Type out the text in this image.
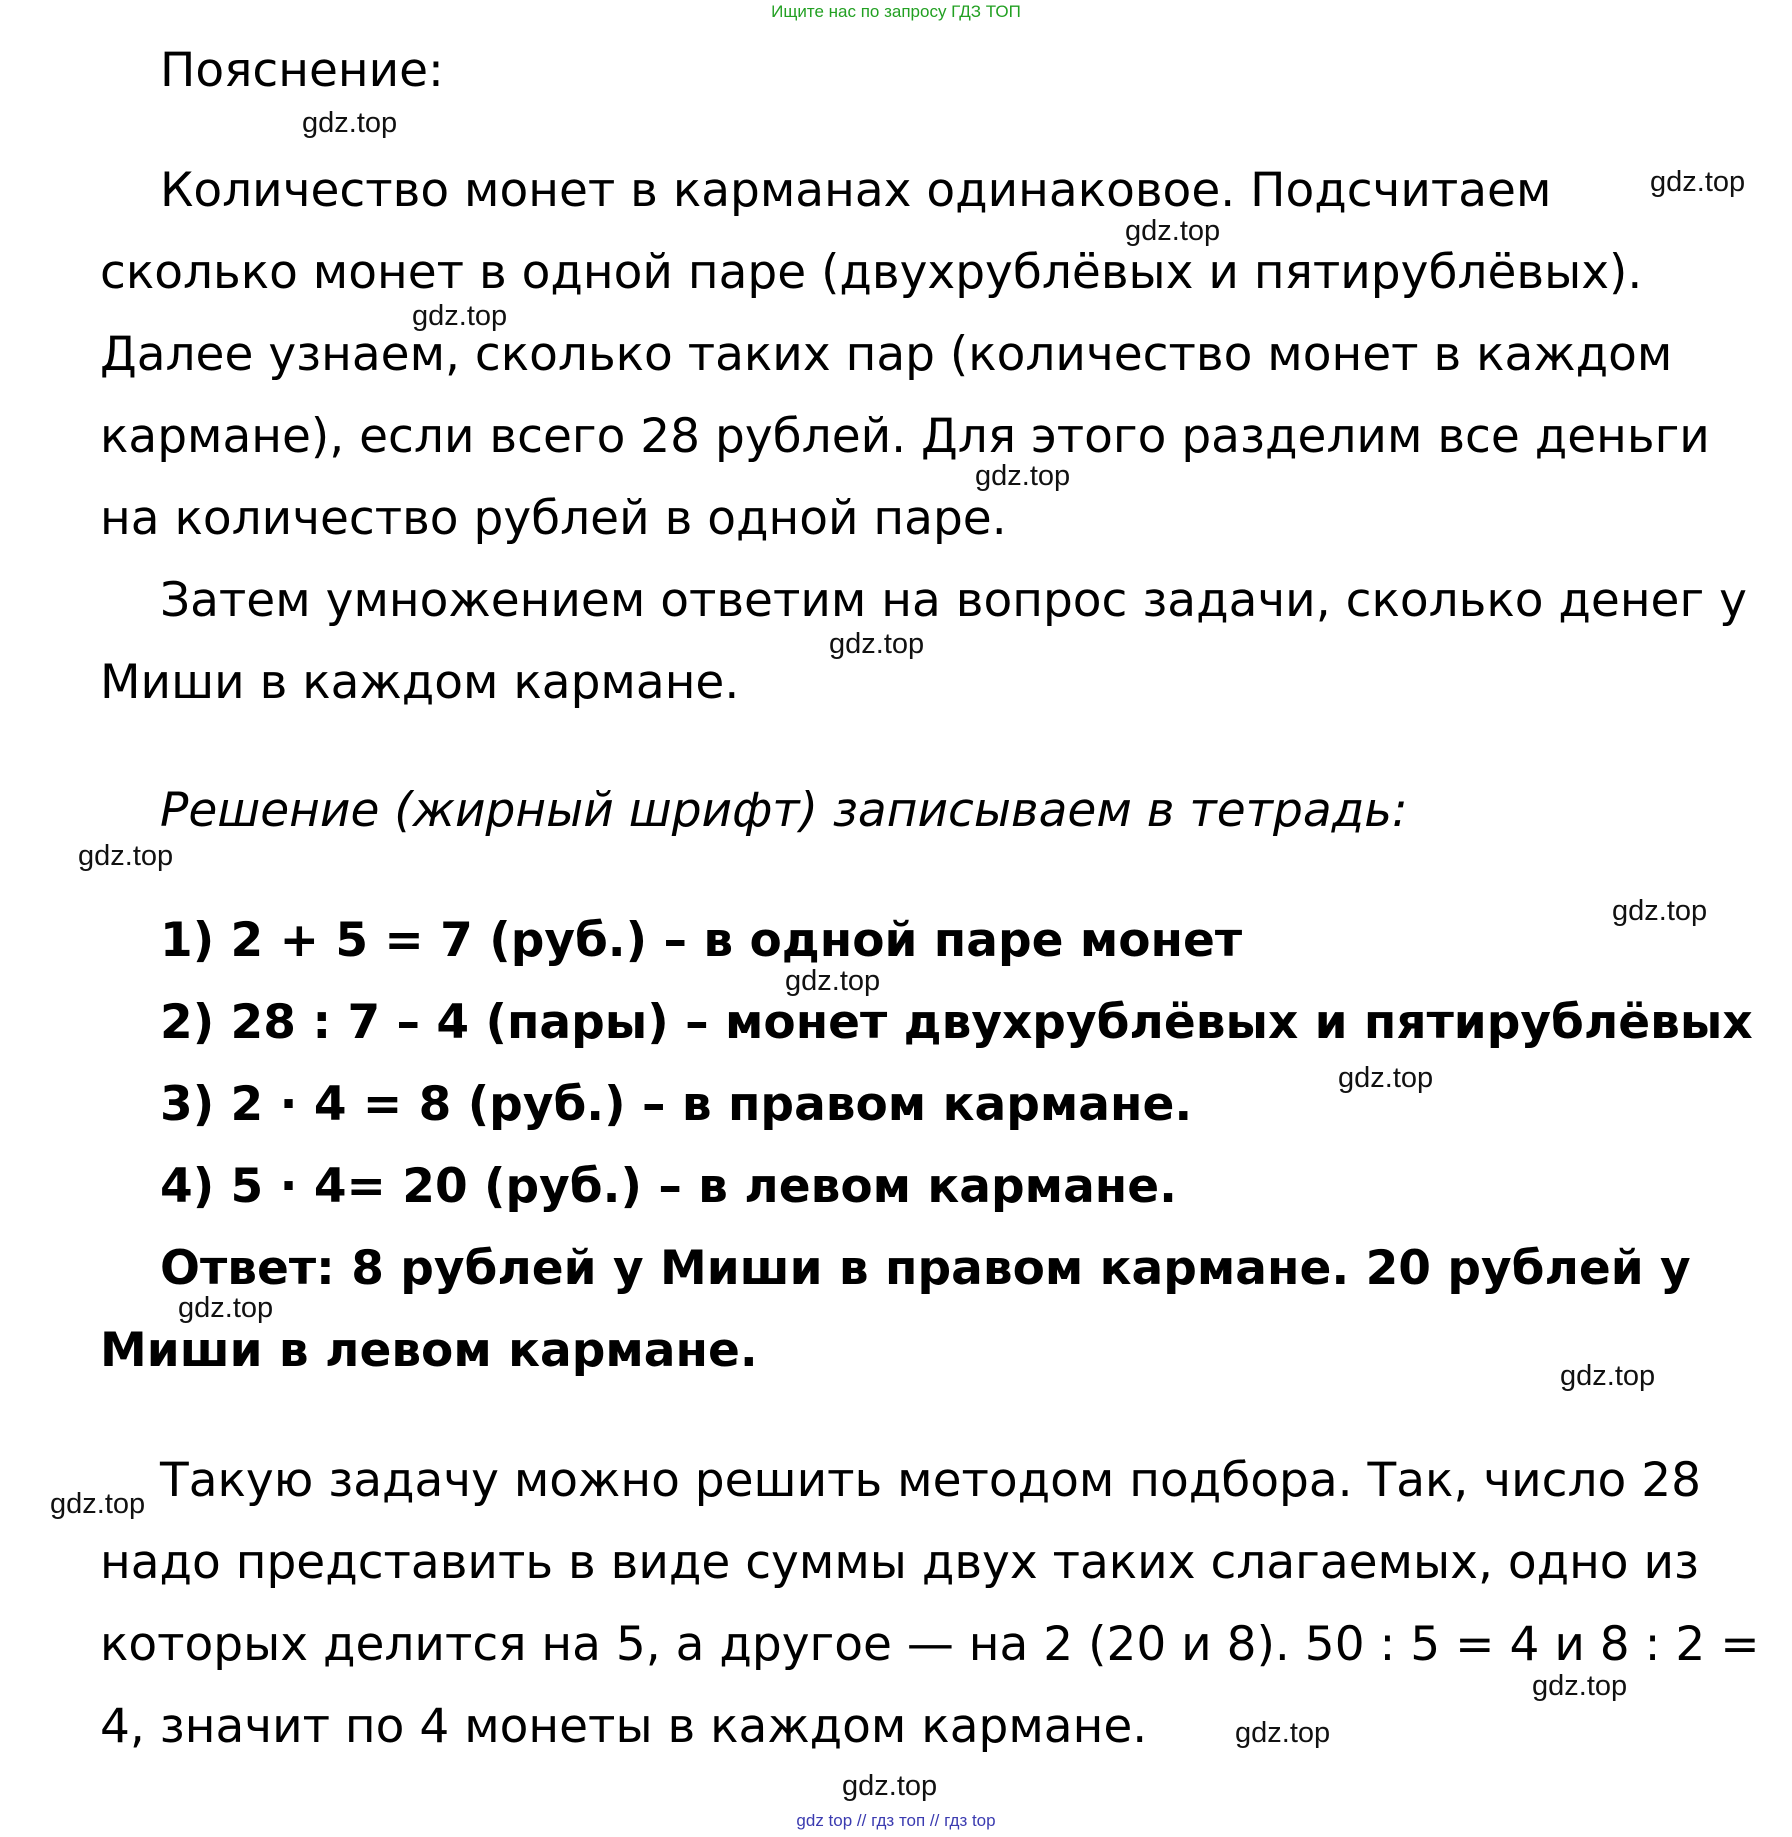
Ищите нас по запросу ГДЗ ТОП

Пояснение:

Количество монет в карманах одинаковое. Подсчитаем сколько монет в одной паре (двухрублёвых и пятирублёвых). Далее узнаем, сколько таких пар (количество монет в каждом кармане), если всего 28 рублей. Для этого разделим все деньги на количество рублей в одной паре.

Затем умножением ответим на вопрос задачи, сколько денег у Миши в каждом кармане.

Решение (жирный шрифт) записываем в тетрадь:

1) 2 + 5 = 7 (руб.) – в одной паре монет

2) 28 : 7 – 4 (пары) – монет двухрублёвых и пятирублёвых

3) 2 · 4 = 8 (руб.) – в правом кармане.

4) 5 · 4= 20 (руб.) – в левом кармане.

Ответ: 8 рублей у Миши в правом кармане. 20 рублей у Миши в левом кармане.

Такую задачу можно решить методом подбора. Так, число 28 надо представить в виде суммы двух таких слагаемых, одно из которых делится на 5, а другое — на 2 (20 и 8). 50 : 5 = 4 и 8 : 2 = 4, значит по 4 монеты в каждом кармане.

gdz.top
gdz.top
gdz.top
gdz.top
gdz.top
gdz.top
gdz.top
gdz.top
gdz.top
gdz.top
gdz.top
gdz.top
gdz.top
gdz.top
gdz.top
gdz.top
gdz top // гдз топ // гдз top
